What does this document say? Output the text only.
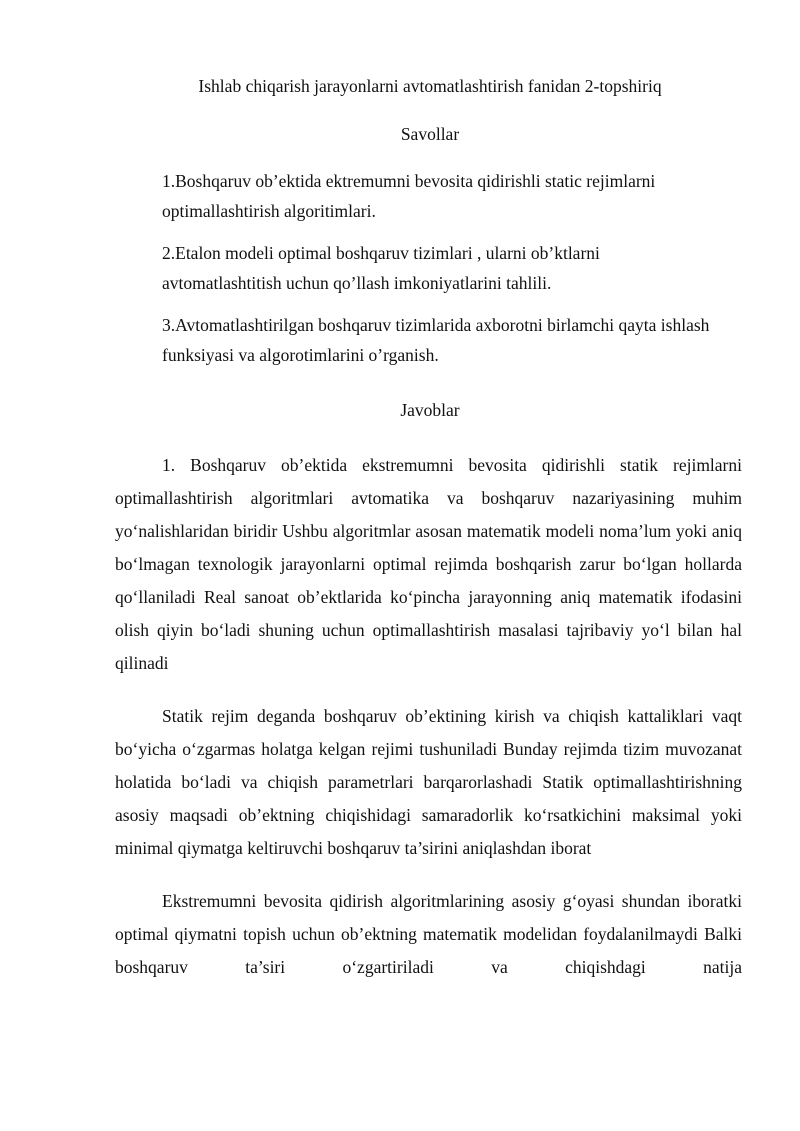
Ishlab chiqarish jarayonlarni avtomatlashtirish fanidan 2-topshiriq
Savollar

1.Boshqaruv ob’ektida ektremumni bevosita qidirishli static rejimlarni optimallashtirish algoritimlari.

2.Etalon modeli optimal boshqaruv tizimlari , ularni ob’ktlarni avtomatlashtitish uchun qo’llash imkoniyatlarini tahlili.

3.Avtomatlashtirilgan boshqaruv tizimlarida axborotni birlamchi qayta ishlash funksiyasi va algorotimlarini o’rganish.

Javoblar

1. Boshqaruv ob’ektida ekstremumni bevosita qidirishli statik rejimlarni optimallashtirish algoritmlari avtomatika va boshqaruv nazariyasining muhim yo‘nalishlaridan biridir Ushbu algoritmlar asosan matematik modeli noma’lum yoki aniq bo‘lmagan texnologik jarayonlarni optimal rejimda boshqarish zarur bo‘lgan hollarda qo‘llaniladi Real sanoat ob’ektlarida ko‘pincha jarayonning aniq matematik ifodasini olish qiyin bo‘ladi shuning uchun optimallashtirish masalasi tajribaviy yo‘l bilan hal qilinadi

Statik rejim deganda boshqaruv ob’ektining kirish va chiqish kattaliklari vaqt bo‘yicha o‘zgarmas holatga kelgan rejimi tushuniladi Bunday rejimda tizim muvozanat holatida bo‘ladi va chiqish parametrlari barqarorlashadi Statik optimallashtirishning asosiy maqsadi ob’ektning chiqishidagi samaradorlik ko‘rsatkichini maksimal yoki minimal qiymatga keltiruvchi boshqaruv ta’sirini aniqlashdan iborat

Ekstremumni bevosita qidirish algoritmlarining asosiy g‘oyasi shundan iboratki optimal qiymatni topish uchun ob’ektning matematik modelidan foydalanilmaydi Balki boshqaruv ta’siri o‘zgartiriladi va chiqishdagi natija
